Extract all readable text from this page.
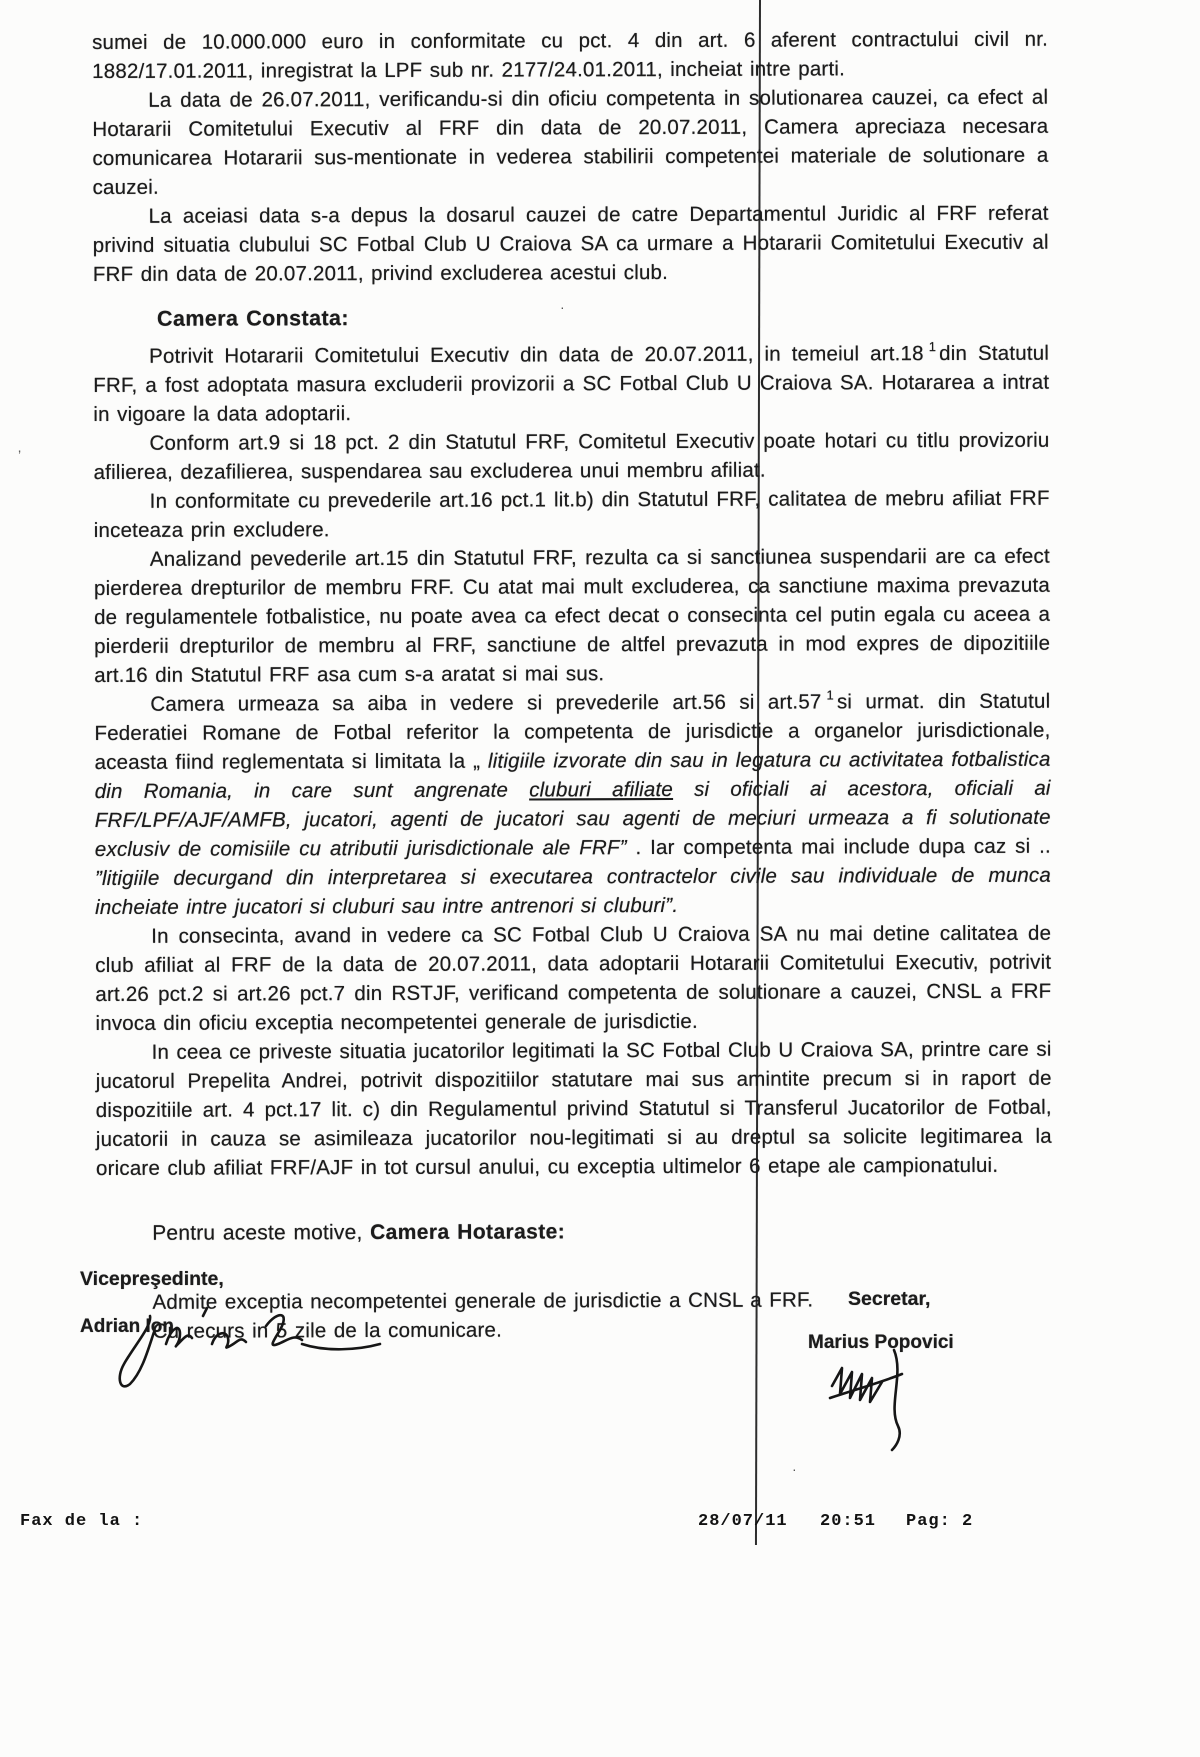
sumei de 10.000.000 euro in conformitate cu pct. 4 din art. 6 aferent contractului civil nr. 1882/17.01.2011, inregistrat la LPF sub nr. 2177/24.01.2011, incheiat intre parti.

La data de 26.07.2011, verificandu-si din oficiu competenta in solutionarea cauzei, ca efect al Hotararii Comitetului Executiv al FRF din data de 20.07.2011, Camera apreciaza necesara comunicarea Hotararii sus-mentionate in vederea stabilirii competentei materiale de solutionare a cauzei.

La aceiasi data s-a depus la dosarul cauzei de catre Departamentul Juridic al FRF referat privind situatia clubului SC Fotbal Club U Craiova SA ca urmare a Hotararii Comitetului Executiv al FRF din data de 20.07.2011, privind excluderea acestui club.

Camera Constata:

Potrivit Hotararii Comitetului Executiv din data de 20.07.2011, in temeiul art.18 $^1$ din Statutul FRF, a fost adoptata masura excluderii provizorii a SC Fotbal Club U Craiova SA. Hotararea a intrat in vigoare la data adoptarii.

Conform art.9 si 18 pct. 2 din Statutul FRF, Comitetul Executiv poate hotari cu titlu provizoriu afilierea, dezafilierea, suspendarea sau excluderea unui membru afiliat.

In conformitate cu prevederile art.16 pct.1 lit.b) din Statutul FRF, calitatea de mebru afiliat FRF inceteaza prin excludere.

Analizand pevederile art.15 din Statutul FRF, rezulta ca si sanctiunea suspendarii are ca efect pierderea drepturilor de membru FRF. Cu atat mai mult excluderea, ca sanctiune maxima prevazuta de regulamentele fotbalistice, nu poate avea ca efect decat o consecinta cel putin egala cu aceea a pierderii drepturilor de membru al FRF, sanctiune de altfel prevazuta in mod expres de dipozitiile art.16 din Statutul FRF asa cum s-a aratat si mai sus.

Camera urmeaza sa aiba in vedere si prevederile art.56 si art.57 $^1$ si urmat. din Statutul Federatiei Romane de Fotbal referitor la competenta de jurisdictie a organelor jurisdictionale, aceasta fiind reglementata si limitata la „ litigiile izvorate din sau in legatura cu activitatea fotbalistica din Romania, in care sunt angrenate cluburi afiliate si oficiali ai acestora, oficiali ai FRF/LPF/AJF/AMFB, jucatori, agenti de jucatori sau agenti de meciuri urmeaza a fi solutionate exclusiv de comisiile cu atributii jurisdictionale ale FRF” . Iar competenta mai include dupa caz si .. ”litigiile decurgand din interpretarea si executarea contractelor civile sau individuale de munca incheiate intre jucatori si cluburi sau intre antrenori si cluburi”.

In consecinta, avand in vedere ca SC Fotbal Club U Craiova SA nu mai detine calitatea de club afiliat al FRF de la data de 20.07.2011, data adoptarii Hotararii Comitetului Executiv, potrivit art.26 pct.2 si art.26 pct.7 din RSTJF, verificand competenta de solutionare a cauzei, CNSL a FRF invoca din oficiu exceptia necompetentei generale de jurisdictie.

In ceea ce priveste situatia jucatorilor legitimati la SC Fotbal Club U Craiova SA, printre care si jucatorul Prepelita Andrei, potrivit dispozitiilor statutare mai sus amintite precum si in raport de dispozitiile art. 4 pct.17 lit. c) din Regulamentul privind Statutul si Transferul Jucatorilor de Fotbal, jucatorii in cauza se asimileaza jucatorilor nou-legitimati si au dreptul sa solicite legitimarea la oricare club afiliat FRF/AJF in tot cursul anului, cu exceptia ultimelor 6 etape ale campionatului.

Pentru aceste motive, Camera Hotaraste:

Admite exceptia necompetentei generale de jurisdictie a CNSL a FRF.

Cu recurs in 5 zile de la comunicare.

Vicepreşedinte,
Adrian Ion
Secretar,
Marius Popovici
’
·
·
Fax de la :	28/07/11 20:51 Pag: 2
